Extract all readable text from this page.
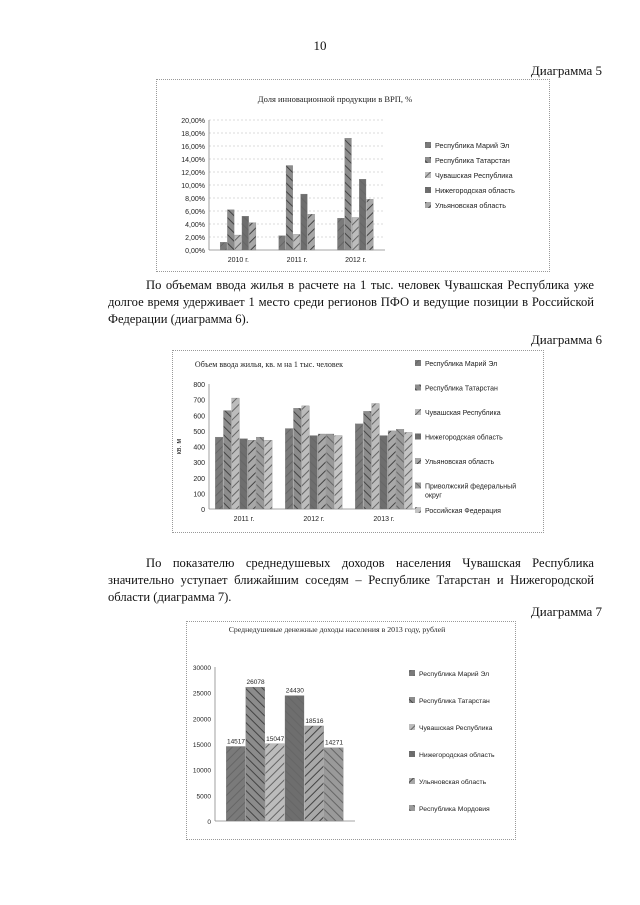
10
Диаграмма 5
Доля инновационной продукции в ВРП, %
0,00%
2,00%
4,00%
6,00%
8,00%
10,00%
12,00%
14,00%
16,00%
18,00%
20,00%
2010 г.	2011 г.	2012 г.
Республика Марий Эл
Республика Татарстан
Чувашская Республика
Нижегородская область
Ульяновская область
По объемам ввода жилья в расчете на 1 тыс. человек Чувашская Республика уже долгое время удерживает 1 место среди регионов ПФО и ведущие позиции в Российской Федерации (диаграмма 6).
Диаграмма 6
Объем ввода жилья, кв. м на 1 тыс. человек
0
100
200
300
400
500
600
700
800
кв. м
2011 г.	2012 г.	2013 г.
Республика Марий Эл
Республика Татарстан
Чувашская Республика
Нижегородская область
Ульяновская область
Приволжский федеральный
округ
Российская Федерация
По показателю среднедушевых доходов населения Чувашская Республика значительно уступает ближайшим соседям – Республике Татарстан и Нижегородской области (диаграмма 7).
Диаграмма 7
Среднедушевые денежные доходы населения в 2013 году, рублей
0
5000
10000
15000
20000
25000
30000
14517
26078
15047
24430
18516
14271
Республика Марий Эл
Республика Татарстан
Чувашская Республика
Нижегородская область
Ульяновская область
Республика Мордовия
